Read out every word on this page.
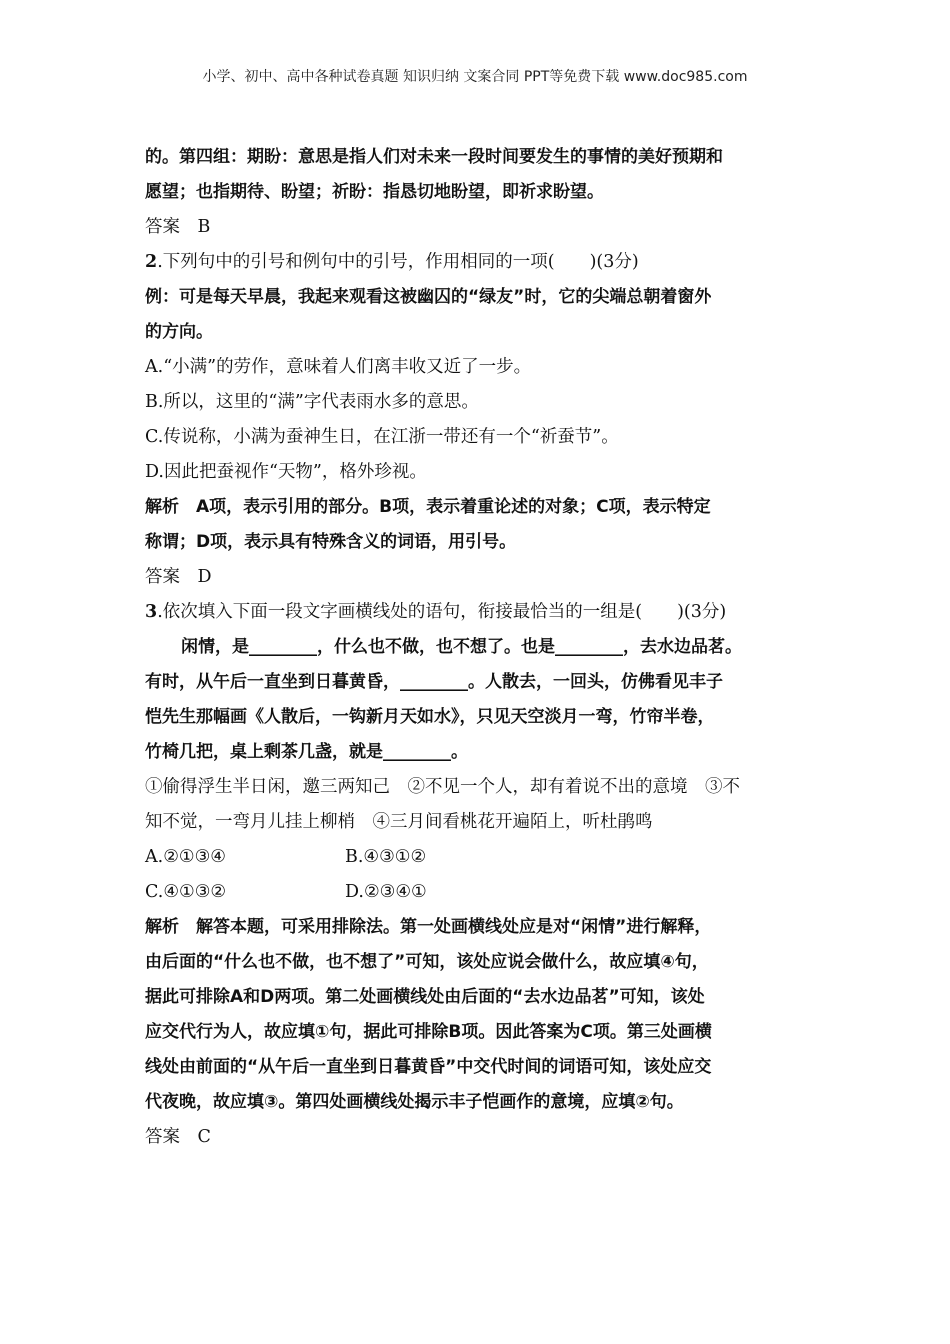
小学、初中、高中各种试卷真题 知识归纳 文案合同 PPT等免费下载 www.doc985.com
的。第四组：期盼：意思是指人们对未来一段时间要发生的事情的美好预期和
愿望；也指期待、盼望；祈盼：指恳切地盼望，即祈求盼望。
答案　 B
2.下列句中的引号和例句中的引号，作用相同的一项(　　)(3分)
例：可是每天早晨，我起来观看这被幽囚的“绿友”时，它的尖端总朝着窗外
的方向。
A.“小满”的劳作，意味着人们离丰收又近了一步。
B.所以，这里的“满”字代表雨水多的意思。
C.传说称，小满为蚕神生日，在江浙一带还有一个“祈蚕节”。
D.因此把蚕视作“天物”，格外珍视。
解析　 A项，表示引用的部分。B项，表示着重论述的对象；C项，表示特定
称谓；D项，表示具有特殊含义的词语，用引号。
答案　 D
3.依次填入下面一段文字画横线处的语句，衔接最恰当的一组是(　　)(3分)
闲情，是________，什么也不做，也不想了。也是________，去水边品茗。
有时，从午后一直坐到日暮黄昏，________。人散去，一回头，仿佛看见丰子
恺先生那幅画《人散后，一钩新月天如水》，只见天空淡月一弯，竹帘半卷，
竹椅几把，桌上剩茶几盏，就是________。
①偷得浮生半日闲，邀三两知己　②不见一个人，却有着说不出的意境　③不
知不觉，一弯月儿挂上柳梢　④三月间看桃花开遍陌上，听杜鹃鸣
A.②①③④	B.④③①②
C.④①③②	D.②③④①
解析　 解答本题，可采用排除法。第一处画横线处应是对“闲情”进行解释，
由后面的“什么也不做，也不想了”可知，该处应说会做什么，故应填④句，
据此可排除A和D两项。第二处画横线处由后面的“去水边品茗”可知，该处
应交代行为人，故应填①句，据此可排除B项。因此答案为C项。第三处画横
线处由前面的“从午后一直坐到日暮黄昏”中交代时间的词语可知，该处应交
代夜晚，故应填③。第四处画横线处揭示丰子恺画作的意境，应填②句。
答案　 C
